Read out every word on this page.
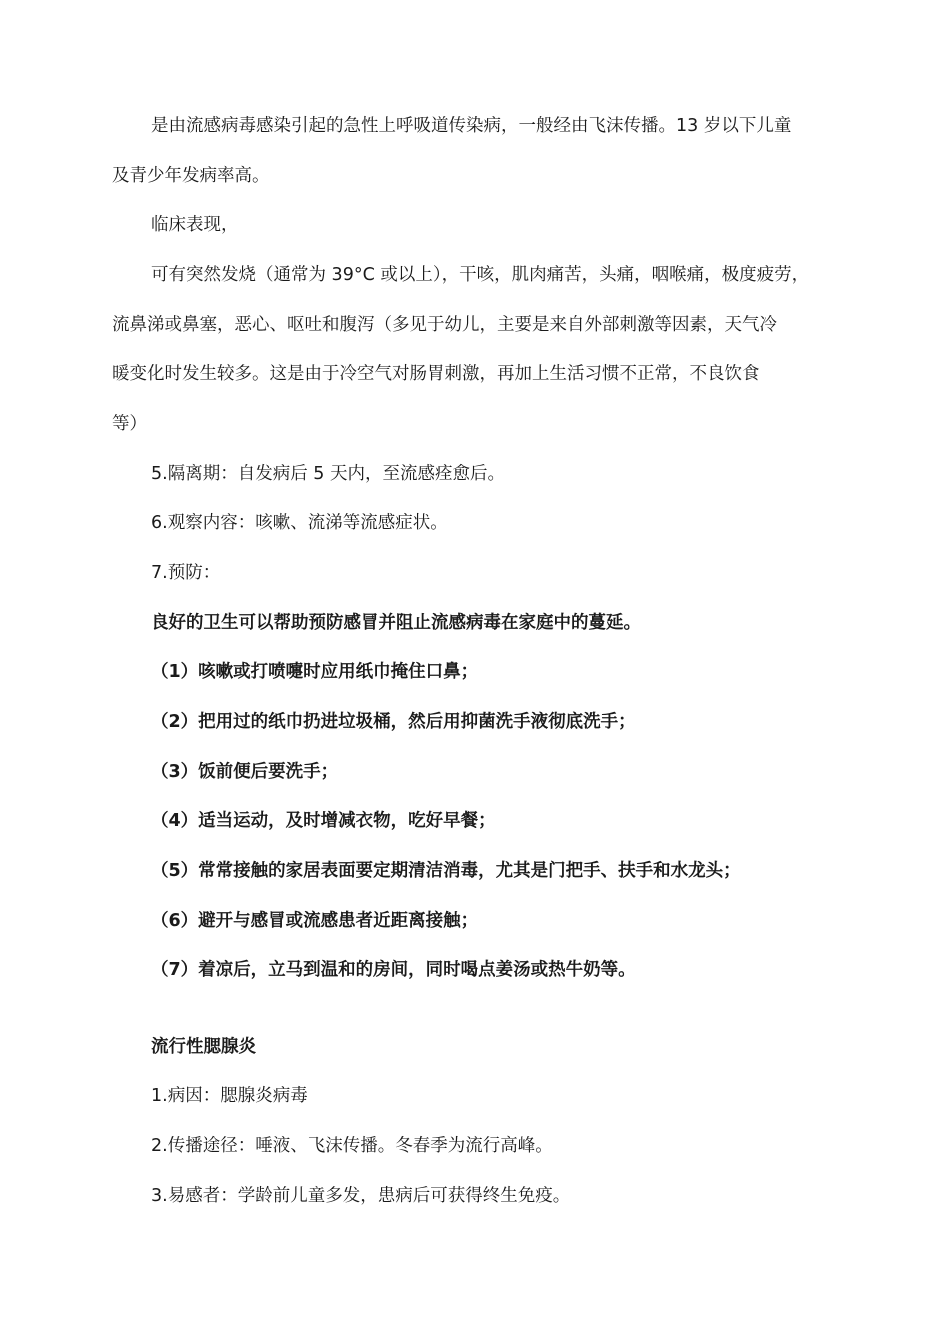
是由流感病毒感染引起的急性上呼吸道传染病，一般经由飞沫传播。13 岁以下儿童
及青少年发病率高。
临床表现，
可有突然发烧（通常为 39°C 或以上），干咳，肌肉痛苦，头痛，咽喉痛，极度疲劳，
流鼻涕或鼻塞，恶心、呕吐和腹泻（多见于幼儿，主要是来自外部刺激等因素，天气冷
暖变化时发生较多。这是由于冷空气对肠胃刺激，再加上生活习惯不正常，不良饮食
等）
5.隔离期：自发病后 5 天内，至流感痊愈后。
6.观察内容：咳嗽、流涕等流感症状。
7.预防：
良好的卫生可以帮助预防感冒并阻止流感病毒在家庭中的蔓延。
（1）咳嗽或打喷嚏时应用纸巾掩住口鼻；
（2）把用过的纸巾扔进垃圾桶，然后用抑菌洗手液彻底洗手；
（3）饭前便后要洗手；
（4）适当运动，及时增减衣物，吃好早餐；
（5）常常接触的家居表面要定期清洁消毒，尤其是门把手、扶手和水龙头；
（6）避开与感冒或流感患者近距离接触；
（7）着凉后，立马到温和的房间，同时喝点姜汤或热牛奶等。
流行性腮腺炎
1.病因：腮腺炎病毒
2.传播途径：唾液、飞沫传播。冬春季为流行高峰。
3.易感者：学龄前儿童多发，患病后可获得终生免疫。
